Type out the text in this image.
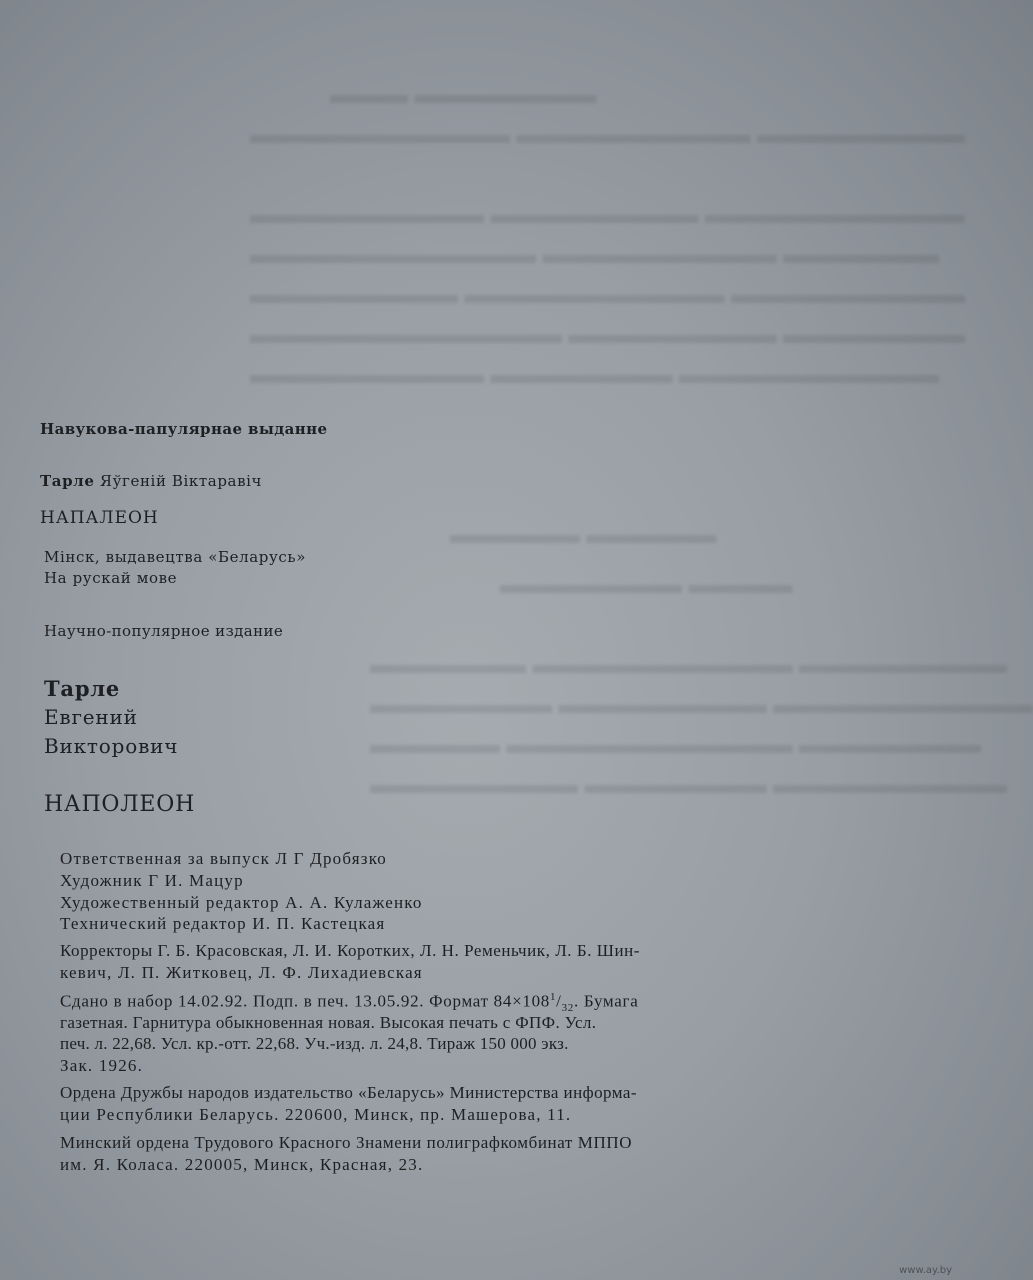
▬▬▬▬▬▬▬ ▬▬▬
▬▬▬▬▬▬▬▬ ▬▬▬▬▬▬▬▬▬ ▬▬▬▬▬▬▬▬▬▬
▬▬▬▬▬▬▬▬▬▬ ▬▬▬▬▬▬▬▬ ▬▬▬▬▬▬▬▬▬
▬▬▬▬▬▬ ▬▬▬▬▬▬▬▬▬ ▬▬▬▬▬▬▬▬▬▬▬
▬▬▬▬▬▬▬▬▬ ▬▬▬▬▬▬▬▬▬▬ ▬▬▬▬▬▬▬▬
▬▬▬▬▬▬▬ ▬▬▬▬▬▬▬▬ ▬▬▬▬▬▬▬▬▬▬▬▬
▬▬▬▬▬▬▬▬▬▬ ▬▬▬▬▬▬▬ ▬▬▬▬▬▬▬▬▬
▬▬▬▬▬ ▬▬▬▬▬
▬▬▬▬ ▬▬▬▬▬▬▬
▬▬▬▬▬▬▬▬ ▬▬▬▬▬▬▬▬▬▬ ▬▬▬▬▬▬
▬▬▬▬▬▬▬▬▬▬ ▬▬▬▬▬▬▬▬ ▬▬▬▬▬▬▬
▬▬▬▬▬▬▬ ▬▬▬▬▬▬▬▬▬▬▬ ▬▬▬▬▬
▬▬▬▬▬▬▬▬▬ ▬▬▬▬▬▬▬ ▬▬▬▬▬▬▬▬
Навукова-папулярнае выданне
Тарле Яўгеній Віктаравіч
НАПАЛЕОН
Мінск, выдавецтва «Беларусь»
На рускай мове
Научно-популярное издание
Тарле
Евгений
Викторович
НАПОЛЕОН
Ответственная за выпуск Л Г Дробязко
Художник Г И. Мацур
Художественный редактор А. А. Кулаженко
Технический редактор И. П. Кастецкая
Корректоры Г. Б. Красовская, Л. И. Коротких, Л. Н. Ременьчик, Л. Б. Шин-
кевич, Л. П. Житковец, Л. Ф. Лихадиевская
Сдано в набор 14.02.92. Подп. в печ. 13.05.92. Формат $84\times 108^1/_{32}$. Бумага
газетная. Гарнитура обыкновенная новая. Высокая печать с ФПФ. Усл.
печ. л. 22,68. Усл. кр.-отт. 22,68. Уч.-изд. л. 24,8. Тираж 150 000 экз.
Зак. 1926.
Ордена Дружбы народов издательство «Беларусь» Министерства информа-
ции Республики Беларусь. 220600, Минск, пр. Машерова, 11.
Минский ордена Трудового Красного Знамени полиграфкомбинат МППО
им. Я. Коласа. 220005, Минск, Красная, 23.
www.ay.by
